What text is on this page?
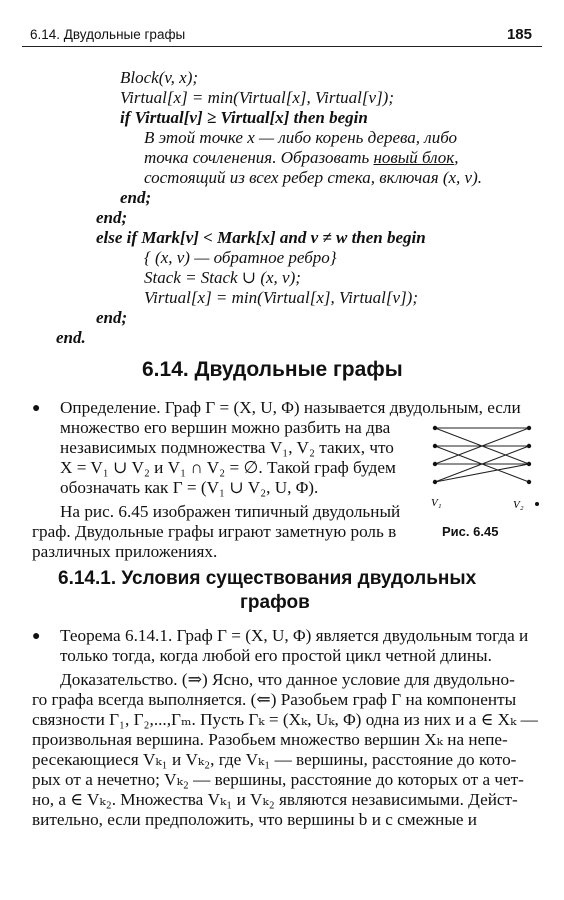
6.14. Двудольные графы	185
Block(v, x);
Virtual[x] = min(Virtual[x], Virtual[v]);
if Virtual[v] ≥ Virtual[x] then begin
В этой точке x — либо корень дерева, либо
точка сочленения. Образовать новый блок,
состоящий из всех ребер стека, включая (x, v).
end;
end;
else if Mark[v] < Mark[x] and v ≠ w then begin
{ (x, v) — обратное ребро}
Stack = Stack ∪ (x, v);
Virtual[x] = min(Virtual[x], Virtual[v]);
end;
end.
6.14. Двудольные графы
● Определение. Граф Γ = (X, U, Φ) называется двудольным, если
множество его вершин можно разбить на два
независимых подмножества V₁, V₂ таких, что
X = V₁ ∪ V₂ и V₁ ∩ V₂ = ∅. Такой граф будем
обозначать как Γ = (V₁ ∪ V₂, U, Φ).
На рис. 6.45 изображен типичный двудольный
граф. Двудольные графы играют заметную роль в
различных приложениях.
V₁	V₂
Рис. 6.45
6.14.1. Условия существования двудольных
графов
● Теорема 6.14.1. Граф Γ = (X, U, Φ) является двудольным тогда и
только тогда, когда любой его простой цикл четной длины.
Доказательство. (⇒) Ясно, что данное условие для двудольно-
го графа всегда выполняется. (⇐) Разобьем граф Γ на компоненты
связности Γ₁, Γ₂,...,Γₘ. Пусть Γₖ = (Xₖ, Uₖ, Φ) одна из них и a ∈ Xₖ —
произвольная вершина. Разобьем множество вершин Xₖ на непе-
ресекающиеся Vₖ₁ и Vₖ₂, где Vₖ₁ — вершины, расстояние до кото-
рых от a нечетно; Vₖ₂ — вершины, расстояние до которых от a чет-
но, a ∈ Vₖ₂. Множества Vₖ₁ и Vₖ₂ являются независимыми. Дейст-
вительно, если предположить, что вершины b и c смежные и
